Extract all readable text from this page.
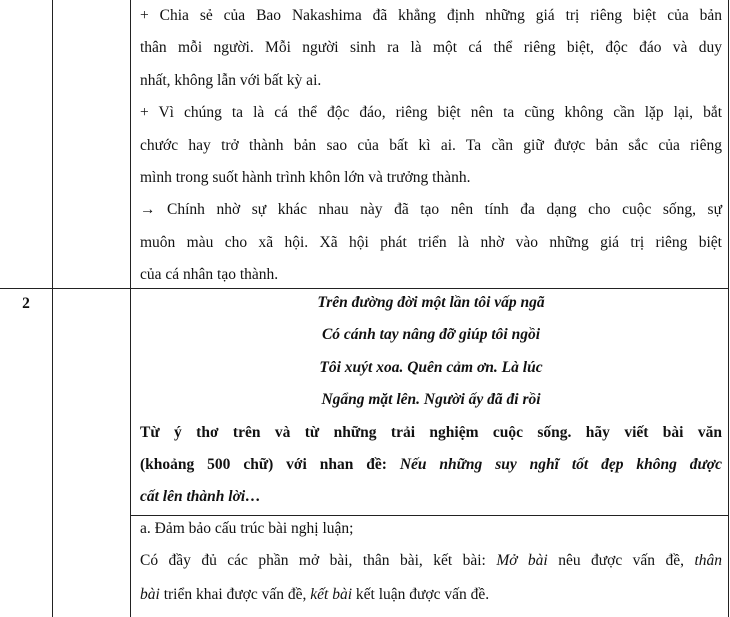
+ Chia sẻ của Bao Nakashima đã khẳng định những giá trị riêng biệt của bản
thân mỗi người. Mỗi người sinh ra là một cá thể riêng biệt, độc đáo và duy
nhất, không lẫn với bất kỳ ai.
+ Vì chúng ta là cá thể độc đáo, riêng biệt nên ta cũng không cần lặp lại, bắt
chước hay trở thành bản sao của bất kì ai. Ta cần giữ được bản sắc của riêng
mình trong suốt hành trình khôn lớn và trưởng thành.
→ Chính nhờ sự khác nhau này đã tạo nên tính đa dạng cho cuộc sống, sự
muôn màu cho xã hội. Xã hội phát triển là nhờ vào những giá trị riêng biệt
của cá nhân tạo thành.
2	Trên đường đời một lần tôi vấp ngã
Có cánh tay nâng đỡ giúp tôi ngồi
Tôi xuýt xoa. Quên cảm ơn. Là lúc
Ngẩng mặt lên. Người ấy đã đi rồi
Từ ý thơ trên và từ những trải nghiệm cuộc sống. hãy viết bài văn
(khoảng 500 chữ) với nhan đề: Nếu những suy nghĩ tốt đẹp không được
cất lên thành lời…
a. Đảm bảo cấu trúc bài nghị luận;
Có đầy đủ các phần mở bài, thân bài, kết bài: Mở bài nêu được vấn đề, thân
bài triển khai được vấn đề, kết bài kết luận được vấn đề.
